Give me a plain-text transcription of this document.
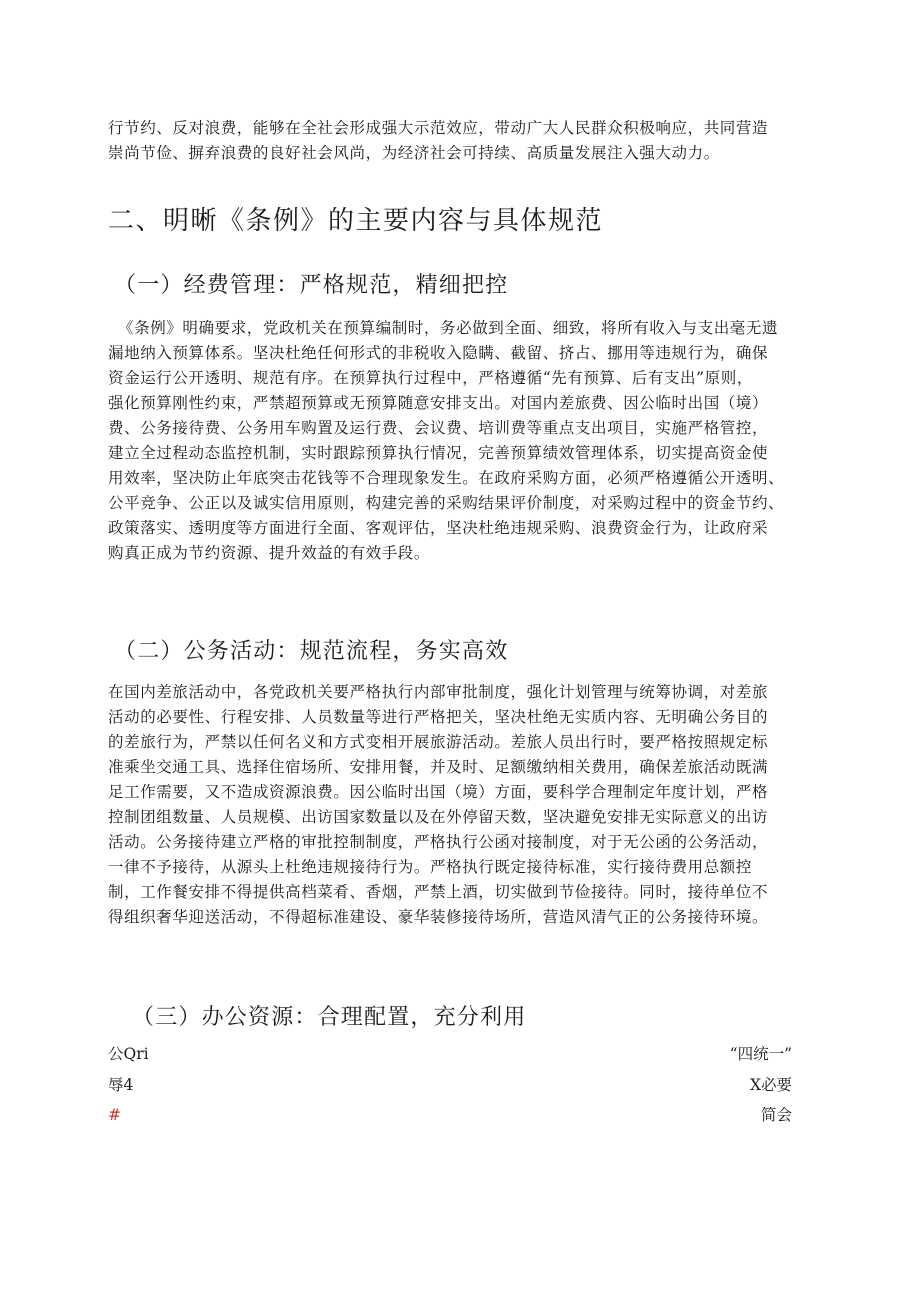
行节约、反对浪费，能够在全社会形成强大示范效应，带动广大人民群众积极响应，共同营造
崇尚节俭、摒弃浪费的良好社会风尚，为经济社会可持续、高质量发展注入强大动力。
二、明晰《条例》的主要内容与具体规范
（一）经费管理：严格规范，精细把控
《条例》明确要求，党政机关在预算编制时，务必做到全面、细致，将所有收入与支出毫无遗
漏地纳入预算体系。坚决杜绝任何形式的非税收入隐瞒、截留、挤占、挪用等违规行为，确保
资金运行公开透明、规范有序。在预算执行过程中，严格遵循“先有预算、后有支出”原则，
强化预算刚性约束，严禁超预算或无预算随意安排支出。对国内差旅费、因公临时出国（境）
费、公务接待费、公务用车购置及运行费、会议费、培训费等重点支出项目，实施严格管控，
建立全过程动态监控机制，实时跟踪预算执行情况，完善预算绩效管理体系，切实提高资金使
用效率，坚决防止年底突击花钱等不合理现象发生。在政府采购方面，必须严格遵循公开透明、
公平竞争、公正以及诚实信用原则，构建完善的采购结果评价制度，对采购过程中的资金节约、
政策落实、透明度等方面进行全面、客观评估，坚决杜绝违规采购、浪费资金行为，让政府采
购真正成为节约资源、提升效益的有效手段。
（二）公务活动：规范流程，务实高效
在国内差旅活动中，各党政机关要严格执行内部审批制度，强化计划管理与统筹协调，对差旅
活动的必要性、行程安排、人员数量等进行严格把关，坚决杜绝无实质内容、无明确公务目的
的差旅行为，严禁以任何名义和方式变相开展旅游活动。差旅人员出行时，要严格按照规定标
准乘坐交通工具、选择住宿场所、安排用餐，并及时、足额缴纳相关费用，确保差旅活动既满
足工作需要，又不造成资源浪费。因公临时出国（境）方面，要科学合理制定年度计划，严格
控制团组数量、人员规模、出访国家数量以及在外停留天数，坚决避免安排无实际意义的出访
活动。公务接待建立严格的审批控制制度，严格执行公函对接制度，对于无公函的公务活动，
一律不予接待，从源头上杜绝违规接待行为。严格执行既定接待标准，实行接待费用总额控
制，工作餐安排不得提供高档菜肴、香烟，严禁上酒，切实做到节俭接待。同时，接待单位不
得组织奢华迎送活动，不得超标准建设、豪华装修接待场所，营造风清气正的公务接待环境。
（三）办公资源：合理配置，充分利用
公Qri	“四统一”
辱4	X必要
#	简会
